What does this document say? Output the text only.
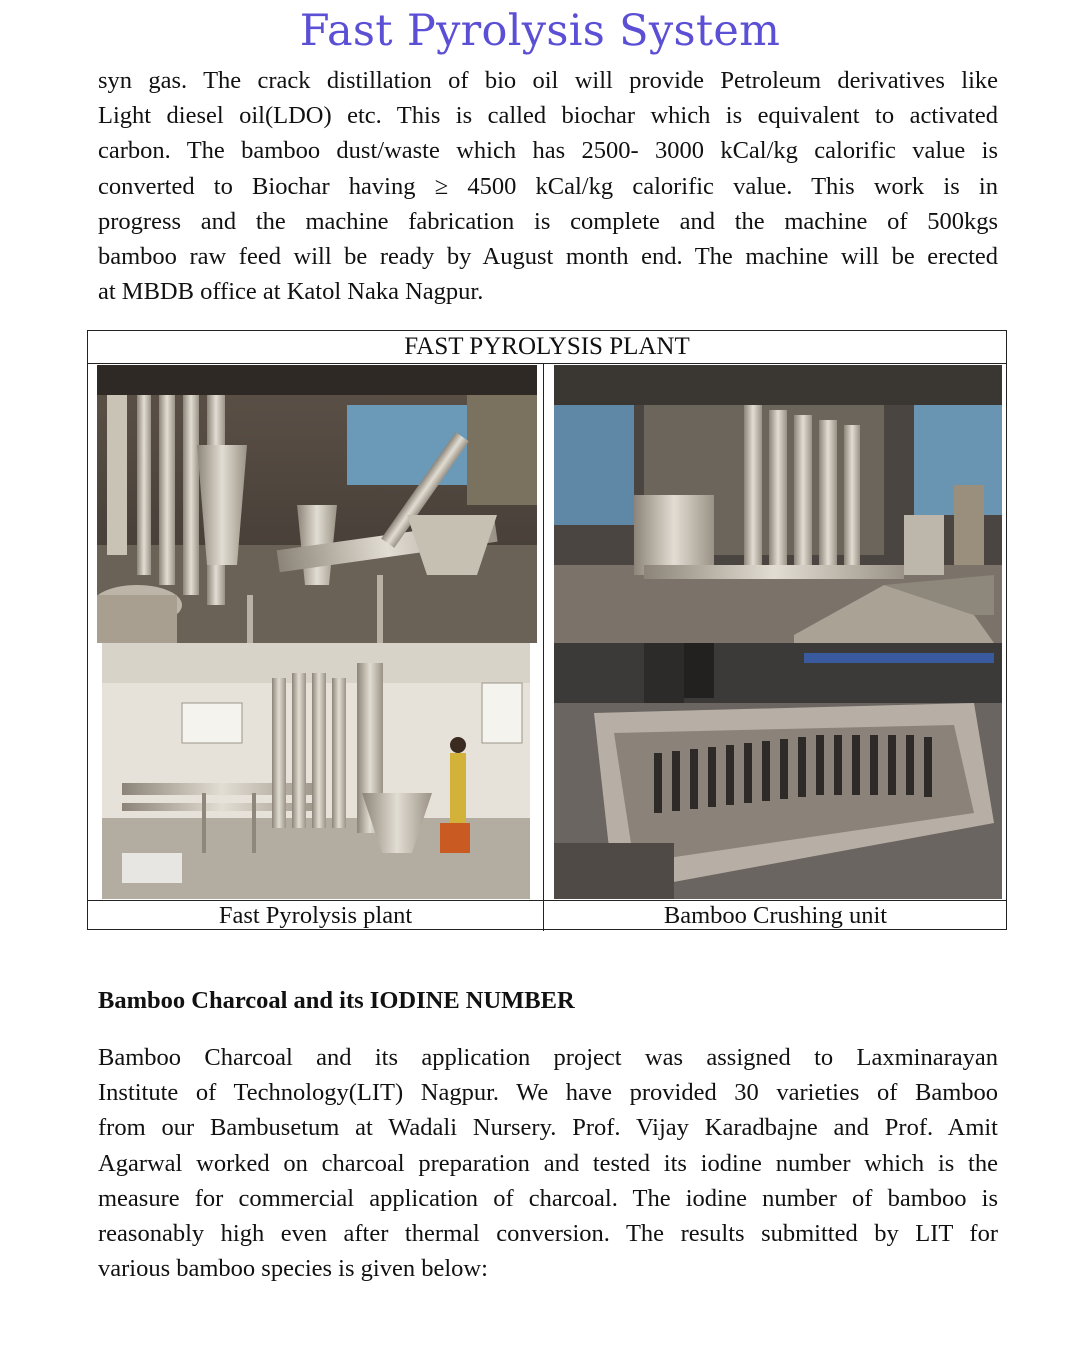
Fast Pyrolysis System

syn gas. The crack distillation of bio oil will provide Petroleum derivatives like
Light diesel oil(LDO) etc. This is called biochar which is equivalent to activated
carbon. The bamboo dust/waste which has 2500- 3000 kCal/kg calorific value is
converted to Biochar having ≥ 4500 kCal/kg calorific value. This work is in
progress and the machine fabrication is complete and the machine of 500kgs
bamboo raw feed will be ready by August month end. The machine will be erected
at MBDB office at Katol Naka Nagpur.

FAST PYROLYSIS PLANT
Fast Pyrolysis plant	Bamboo Crushing unit
Bamboo Charcoal and its IODINE NUMBER

Bamboo Charcoal and its application project was assigned to Laxminarayan
Institute of Technology(LIT) Nagpur. We have provided 30 varieties of Bamboo
from our Bambusetum at Wadali Nursery. Prof. Vijay Karadbajne and Prof. Amit
Agarwal worked on charcoal preparation and tested its iodine number which is the
measure for commercial application of charcoal. The iodine number of bamboo is
reasonably high even after thermal conversion. The results submitted by LIT for
various bamboo species is given below:
